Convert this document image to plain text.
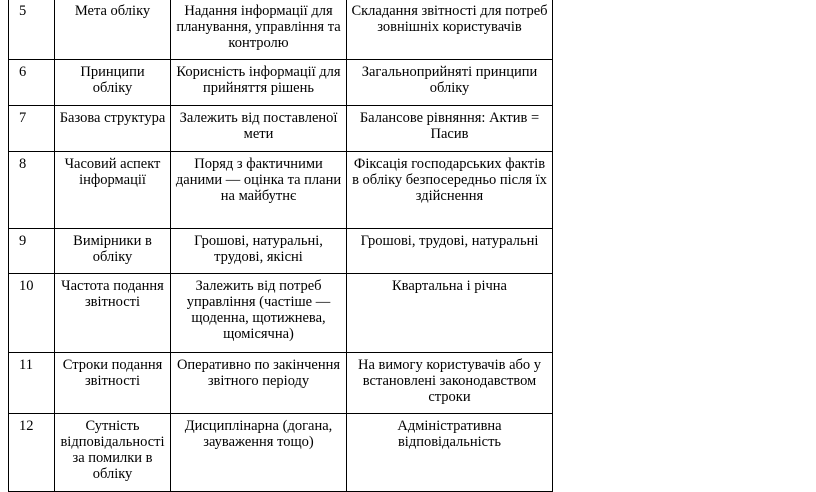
5	Мета обліку	Надання інформації для планування, управління та контролю	Складання звітності для потреб зовнішніх користувачів
6	Принципи обліку	Корисність інформації для прийняття рішень	Загальноприйняті принципи обліку
7	Базова структура	Залежить від поставленої мети	Балансове рівняння: Актив = Пасив
8	Часовий аспект інформації	Поряд з фактичними даними — оцінка та плани на майбутнє	Фіксація господарських фактів в обліку безпосередньо після їх здійснення
9	Вимірники в обліку	Грошові, натуральні, трудові, якісні	Грошові, трудові, натуральні
10	Частота подання звітності	Залежить від потреб управління (частіше — щоденна, щотижнева, щомісячна)	Квартальна і річна
11	Строки подання звітності	Оперативно по закінчення звітного періоду	На вимогу користувачів або у встановлені законодавством строки
12	Сутність відповідальності за помилки в обліку	Дисциплінарна (догана, зауваження тощо)	Адміністративна відповідальність
